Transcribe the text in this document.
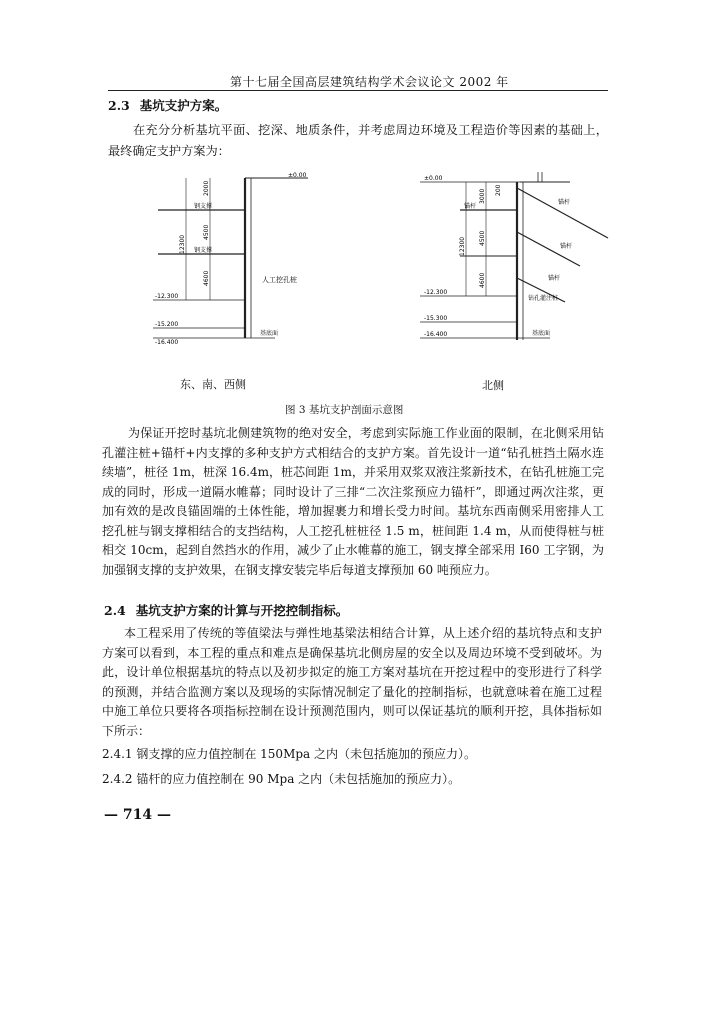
第十七届全国高层建筑结构学术会议论文 2002 年
2.3 基坑支护方案。
在充分分析基坑平面、挖深、地质条件，并考虑周边环境及工程造价等因素的基础上，最终确定支护方案为：
±0.00
2000
4500
4600
12300
钢支撑
钢支撑
人工挖孔桩
-12.300
-15.200
-16.400
基底面
东、南、西侧
±0.00
3000
4500
4600
12300
200
锚杆
锚杆
锚杆
锚杆
钻孔灌注桩
-12.300
-15.300
-16.400	基底面
北侧
图 3 基坑支护剖面示意图
为保证开挖时基坑北侧建筑物的绝对安全，考虑到实际施工作业面的限制，在北侧采用钻孔灌注桩+锚杆+内支撑的多种支护方式相结合的支护方案。首先设计一道“钻孔桩挡土隔水连续墙”，桩径 1m，桩深 16.4m，桩芯间距 1m，并采用双浆双液注浆新技术，在钻孔桩施工完成的同时，形成一道隔水帷幕；同时设计了三排“二次注浆预应力锚杆”，即通过两次注浆，更加有效的是改良锚固端的土体性能，增加握裹力和增长受力时间。基坑东西南侧采用密排人工挖孔桩与钢支撑相结合的支挡结构，人工挖孔桩桩径 1.5 m，桩间距 1.4 m，从而使得桩与桩相交 10cm，起到自然挡水的作用，减少了止水帷幕的施工，钢支撑全部采用 I60 工字钢，为加强钢支撑的支护效果，在钢支撑安装完毕后每道支撑预加 60 吨预应力。
2.4 基坑支护方案的计算与开挖控制指标。
本工程采用了传统的等值梁法与弹性地基梁法相结合计算，从上述介绍的基坑特点和支护方案可以看到，本工程的重点和难点是确保基坑北侧房屋的安全以及周边环境不受到破坏。为此，设计单位根据基坑的特点以及初步拟定的施工方案对基坑在开挖过程中的变形进行了科学的预测，并结合监测方案以及现场的实际情况制定了量化的控制指标，也就意味着在施工过程中施工单位只要将各项指标控制在设计预测范围内，则可以保证基坑的顺利开挖，具体指标如下所示：
2.4.1 钢支撑的应力值控制在 150Mpa 之内（未包括施加的预应力）。
2.4.2 锚杆的应力值控制在 90 Mpa 之内（未包括施加的预应力）。
— 714 —
